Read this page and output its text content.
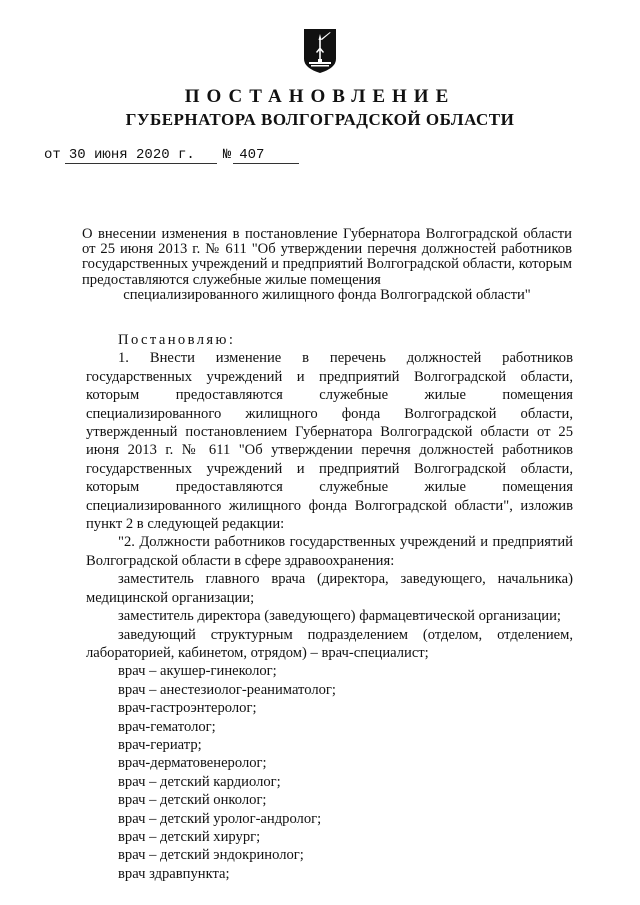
ПОСТАНОВЛЕНИЕ
ГУБЕРНАТОРА ВОЛГОГРАДСКОЙ ОБЛАСТИ
от 30 июня 2020 г. № 407

О внесении изменения в постановление Губернатора Волгоградской области от 25 июня 2013 г. № 611 "Об утверждении перечня должностей работников государственных учреждений и предприятий Волгоградской области, которым предоставляются служебные жилые помещения

специализированного жилищного фонда Волгоградской области"

Постановляю:

1. Внести изменение в перечень должностей работников государственных учреждений и предприятий Волгоградской области, которым предоставляются служебные жилые помещения специализированного жилищного фонда Волгоградской области, утвержденный постановлением Губернатора Волгоградской области от 25 июня 2013 г. № 611 "Об утверждении перечня должностей работников государственных учреждений и предприятий Волгоградской области, которым предоставляются служебные жилые помещения специализированного жилищного фонда Волгоградской области", изложив пункт 2 в следующей редакции:

"2. Должности работников государственных учреждений и предприятий Волгоградской области в сфере здравоохранения:

заместитель главного врача (директора, заведующего, начальника) медицинской организации;

заместитель директора (заведующего) фармацевтической организации;

заведующий структурным подразделением (отделом, отделением, лабораторией, кабинетом, отрядом) – врач-специалист;

врач – акушер-гинеколог;

врач – анестезиолог-реаниматолог;

врач-гастроэнтеролог;

врач-гематолог;

врач-гериатр;

врач-дерматовенеролог;

врач – детский кардиолог;

врач – детский онколог;

врач – детский уролог-андролог;

врач – детский хирург;

врач – детский эндокринолог;

врач здравпункта;
